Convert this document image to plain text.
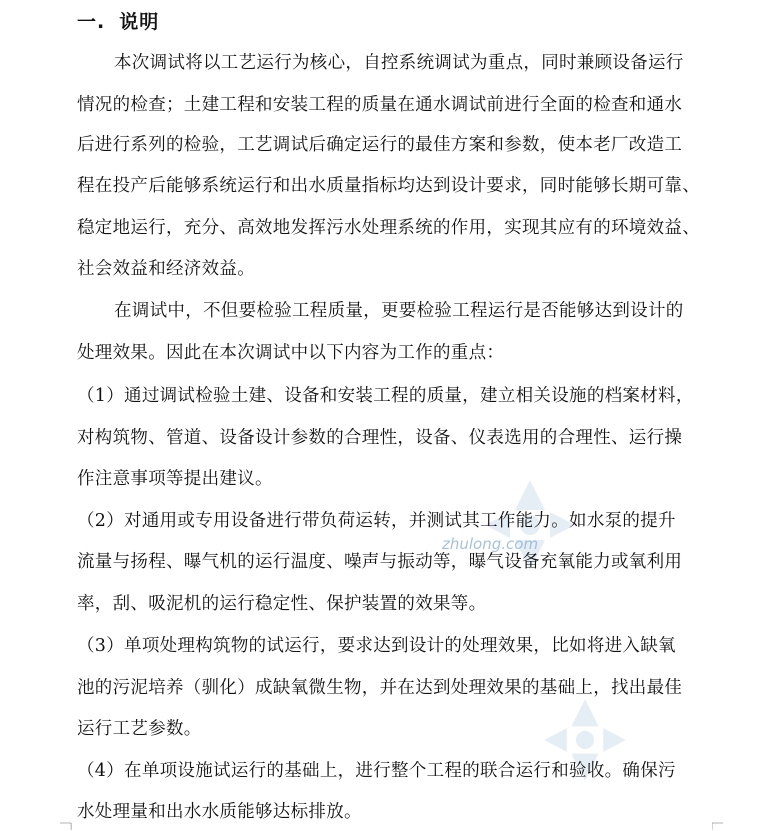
zhulong.com
一. 说明
本次调试将以工艺运行为核心，自控系统调试为重点，同时兼顾设备运行
情况的检查；土建工程和安装工程的质量在通水调试前进行全面的检查和通水
后进行系列的检验，工艺调试后确定运行的最佳方案和参数，使本老厂改造工
程在投产后能够系统运行和出水质量指标均达到设计要求，同时能够长期可靠、
稳定地运行，充分、高效地发挥污水处理系统的作用，实现其应有的环境效益、
社会效益和经济效益。
在调试中，不但要检验工程质量，更要检验工程运行是否能够达到设计的
处理效果。因此在本次调试中以下内容为工作的重点：
（1）通过调试检验土建、设备和安装工程的质量，建立相关设施的档案材料，
对构筑物、管道、设备设计参数的合理性，设备、仪表选用的合理性、运行操
作注意事项等提出建议。
（2）对通用或专用设备进行带负荷运转，并测试其工作能力。如水泵的提升
流量与扬程、曝气机的运行温度、噪声与振动等，曝气设备充氧能力或氧利用
率，刮、吸泥机的运行稳定性、保护装置的效果等。
（3）单项处理构筑物的试运行，要求达到设计的处理效果，比如将进入缺氧
池的污泥培养（驯化）成缺氧微生物，并在达到处理效果的基础上，找出最佳
运行工艺参数。
（4）在单项设施试运行的基础上，进行整个工程的联合运行和验收。确保污
水处理量和出水水质能够达标排放。
